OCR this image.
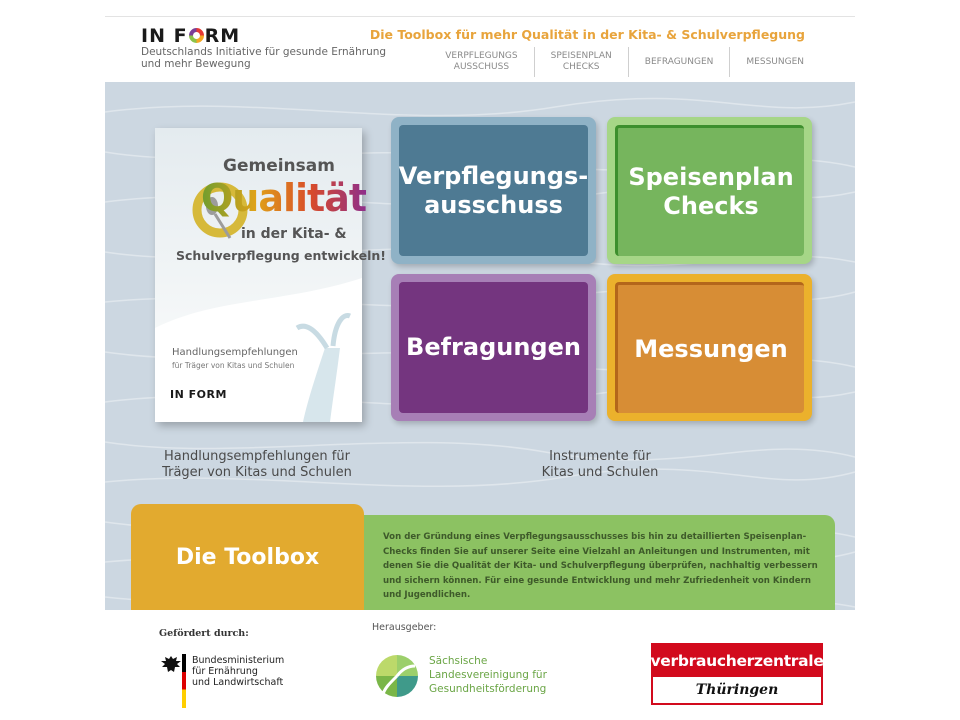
IN F RM
Deutschlands Initiative für gesunde Ernährung
und mehr Bewegung
Die Toolbox für mehr Qualität in der Kita- & Schulverpflegung
VERPFLEGUNGS
AUSSCHUSS
SPEISENPLAN
CHECKS
BEFRAGUNGEN	MESSUNGEN
Gemeinsam
Qualität
in der Kita- &
Schulverpflegung entwickeln!
Handlungsempfehlungen
für Träger von Kitas und Schulen
IN FORM
Handlungsempfehlungen für
Träger von Kitas und Schulen
Verpflegungs-
ausschuss
Speisenplan
Checks
Befragungen	Messungen
Instrumente für
Kitas und Schulen
Die Toolbox
Von der Gründung eines Verpflegungsausschusses bis hin zu detaillierten Speisenplan-Checks finden Sie auf unserer Seite eine Vielzahl an Anleitungen und Instrumenten, mit denen Sie die Qualität der Kita- und Schulverpflegung überprüfen, nachhaltig verbessern und sichern können. Für eine gesunde Entwicklung und mehr Zufriedenheit von Kindern und Jugendlichen.
Gefördert durch:
Herausgeber:
Bundesministerium
für Ernährung
und Landwirtschaft
Sächsische
Landesvereinigung für
Gesundheitsförderung
verbraucherzentrale
Thüringen
